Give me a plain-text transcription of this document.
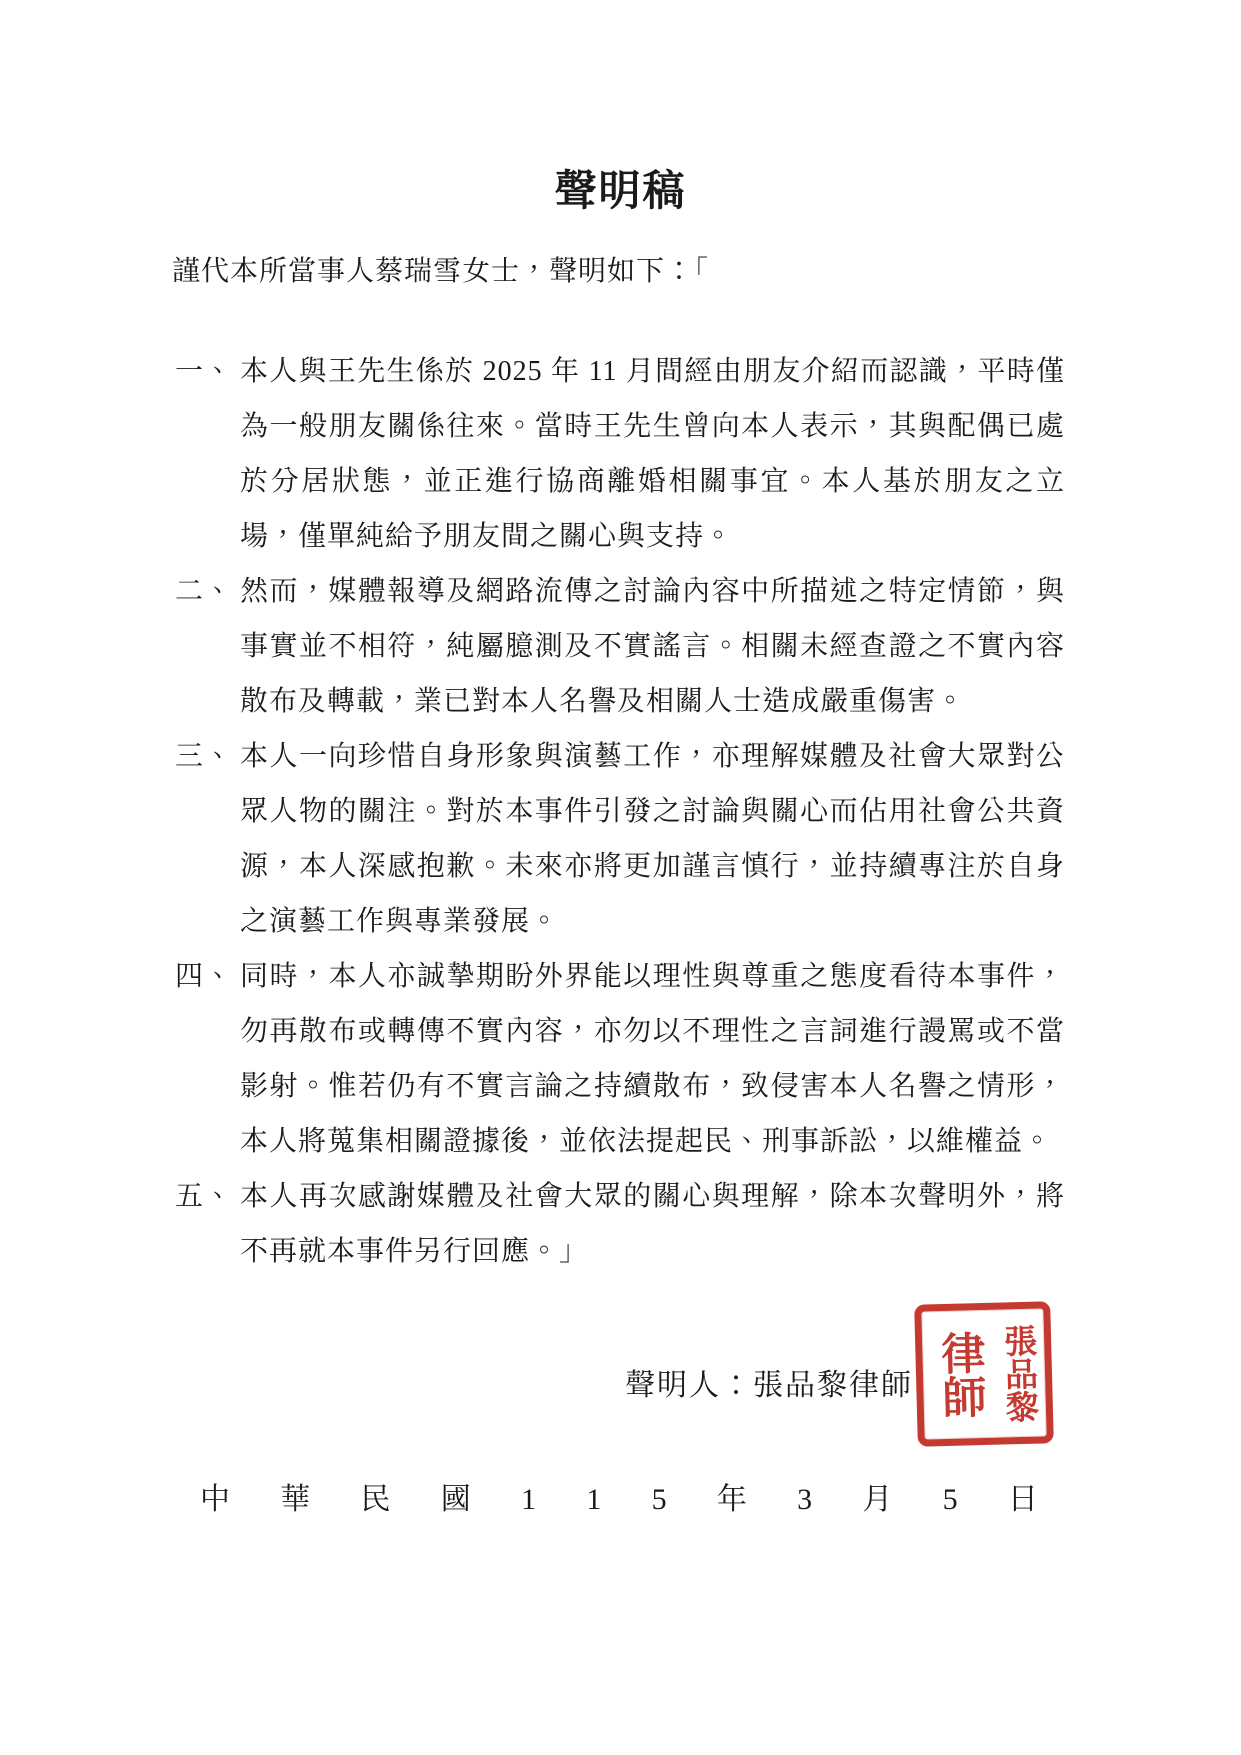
聲明稿

謹代本所當事人蔡瑞雪女士，聲明如下：「

一、 本人與王先生係於 2025 年 11 月間經由朋友介紹而認識，平時僅為一般朋友關係往來。當時王先生曾向本人表示，其與配偶已處於分居狀態，並正進行協商離婚相關事宜。本人基於朋友之立場，僅單純給予朋友間之關心與支持。
二、 然而，媒體報導及網路流傳之討論內容中所描述之特定情節，與事實並不相符，純屬臆測及不實謠言。相關未經查證之不實內容散布及轉載，業已對本人名譽及相關人士造成嚴重傷害。
三、 本人一向珍惜自身形象與演藝工作，亦理解媒體及社會大眾對公眾人物的關注。對於本事件引發之討論與關心而佔用社會公共資源，本人深感抱歉。未來亦將更加謹言慎行，並持續專注於自身之演藝工作與專業發展。
四、 同時，本人亦誠摯期盼外界能以理性與尊重之態度看待本事件，勿再散布或轉傳不實內容，亦勿以不理性之言詞進行謾罵或不當影射。惟若仍有不實言論之持續散布，致侵害本人名譽之情形，本人將蒐集相關證據後，並依法提起民、刑事訴訟，以維權益。
五、 本人再次感謝媒體及社會大眾的關心與理解，除本次聲明外，將不再就本事件另行回應。」

聲明人：張品黎律師	張品黎
律師
中 華 民 國 1 1 5 年 3 月 5 日
